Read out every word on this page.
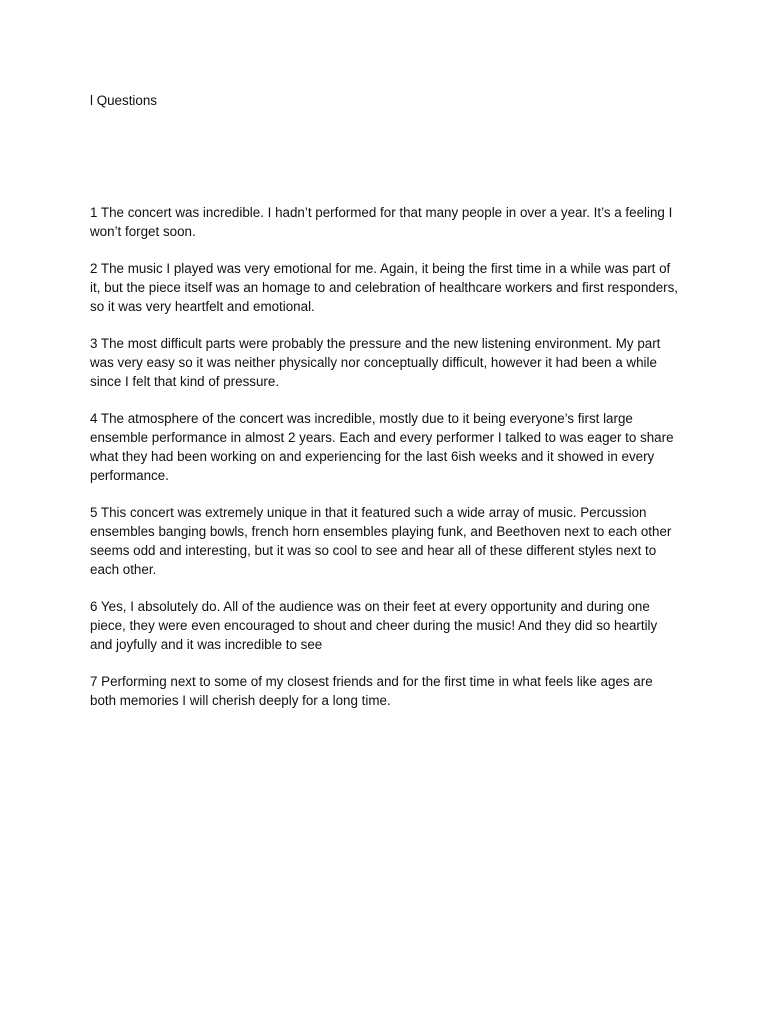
l Questions

1 The concert was incredible. I hadn’t performed for that many people in over a year. It’s a feeling I won’t forget soon.

2 The music I played was very emotional for me. Again, it being the first time in a while was part of it, but the piece itself was an homage to and celebration of healthcare workers and first responders, so it was very heartfelt and emotional.

3 The most difficult parts were probably the pressure and the new listening environment. My part was very easy so it was neither physically nor conceptually difficult, however it had been a while since I felt that kind of pressure.

4 The atmosphere of the concert was incredible, mostly due to it being everyone’s first large ensemble performance in almost 2 years. Each and every performer I talked to was eager to share what they had been working on and experiencing for the last 6ish weeks and it showed in every performance.

5 This concert was extremely unique in that it featured such a wide array of music. Percussion ensembles banging bowls, french horn ensembles playing funk, and Beethoven next to each other seems odd and interesting, but it was so cool to see and hear all of these different styles next to each other.

6 Yes, I absolutely do. All of the audience was on their feet at every opportunity and during one piece, they were even encouraged to shout and cheer during the music! And they did so heartily and joyfully and it was incredible to see

7 Performing next to some of my closest friends and for the first time in what feels like ages are both memories I will cherish deeply for a long time.
